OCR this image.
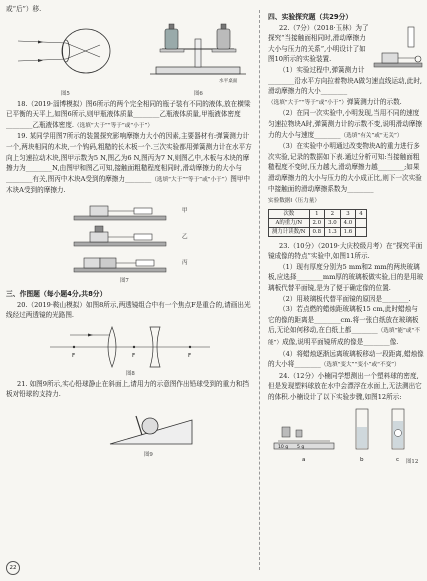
或“后”）移.

图5

水平桌面

图6

18.（2019·淄博模拟）图6所示的两个完全相同的瓶子装有不同的液体,放在横梁已平衡的天平上,如图6所示,则甲瓶液体质量________乙瓶液体质量,甲瓶液体密度________乙瓶液体密度.（选填“大于”“等于”或“小于”）

19. 某同学用图7所示的装置探究影响摩擦力大小的因素,主要器材有:弹簧测力计一个,两块相同的木块,一个钩码,粗糙的长木板一个.三次实验都用弹簧测力计在水平方向上匀速拉动木块,图甲示数为5 N,图乙为6 N,图丙为7 N,则图乙中,木板与木块的摩擦力为________N,由图甲和图乙可知,接触面粗糙程度相同时,滑动摩擦力的大小与________有关,图丙中木块A受到的摩擦力________（选填“大于”“等于”或“小于”）图甲中木块A受到的摩擦力.

甲
乙
丙

图7

三、作图题（每小题4分,共8分）

20.（2019·鞍山模拟）如图8所示,两透镜组合中有一个焦点F是重合的,请画出光线经过两透镜的光路图.

F	F	F

图8

21. 如图9所示,实心铅球静止在斜面上,请用力的示意图作出铅球受到的重力和挡板对铅球的支持力.

图9

四、实验探究题（共29分）

22.（7分）（2018·玉林）为了探究“当接触面相同时,滑动摩擦力大小与压力的关系”,小明设计了如图10所示的实验装置.

（1）实验过程中,弹簧测力计________沿水平方向拉着物块A做匀速直线运动,此时,滑动摩擦力的大小________（选填“大于”“等于”或“小于”）弹簧测力计的示数.

（2）在同一次实验中,小明发现,当用不同的速度匀速拉物块A时,弹簧测力计的示数不变,说明滑动摩擦力的大小与速度________（选填“有关”或“无关”）

（3）在实验中小明通过改变物块A的重力进行多次实验,记录的数据如下表.通过分析可知:当接触面粗糙程度不变时,压力越大,滑动摩擦力越________;如果滑动摩擦力的大小与压力的大小成正比,则下一次实验中接触面的滑动摩擦系数为________

实验数据Ⅰ（压力量）

次数	1	2	3	4
A的重力/N	2.0	3.0	4.0	
测力计读数/N	0.8	1.3	1.6	

23.（10分）（2019·大庆校级月考）在“探究平面镜成像的特点”实验中,如图11所示.

（1）现有厚度分别为5 mm和2 mm的两块玻璃板,应选择________mm厚的玻璃板做实验,目的是用玻璃板代替平面镜,是为了便于确定像的位置.

（2）用玻璃板代替平面镜的原因是________.

（3）若点燃的蜡烛距玻璃板15 cm,此时蜡烛与它的像的距离是________cm.将一张白纸放在玻璃板后,无论如何移动,在白纸上都________（选填“能”或“不能”）成像,说明平面镜所成的像是________像.

（4）将蜡烛逐渐远离玻璃板移动一段距离,蜡烛像的大小将________（选填“变大”“变小”或“不变”）

24.（12分）小楠同学想测出一个塑料球的密度,但是发现塑料球放在水中会漂浮在水面上,无法测出它的体积.小楠设计了以下实验步骤,如图12所示:

10 g 5 g
a	b	c 图12

22
